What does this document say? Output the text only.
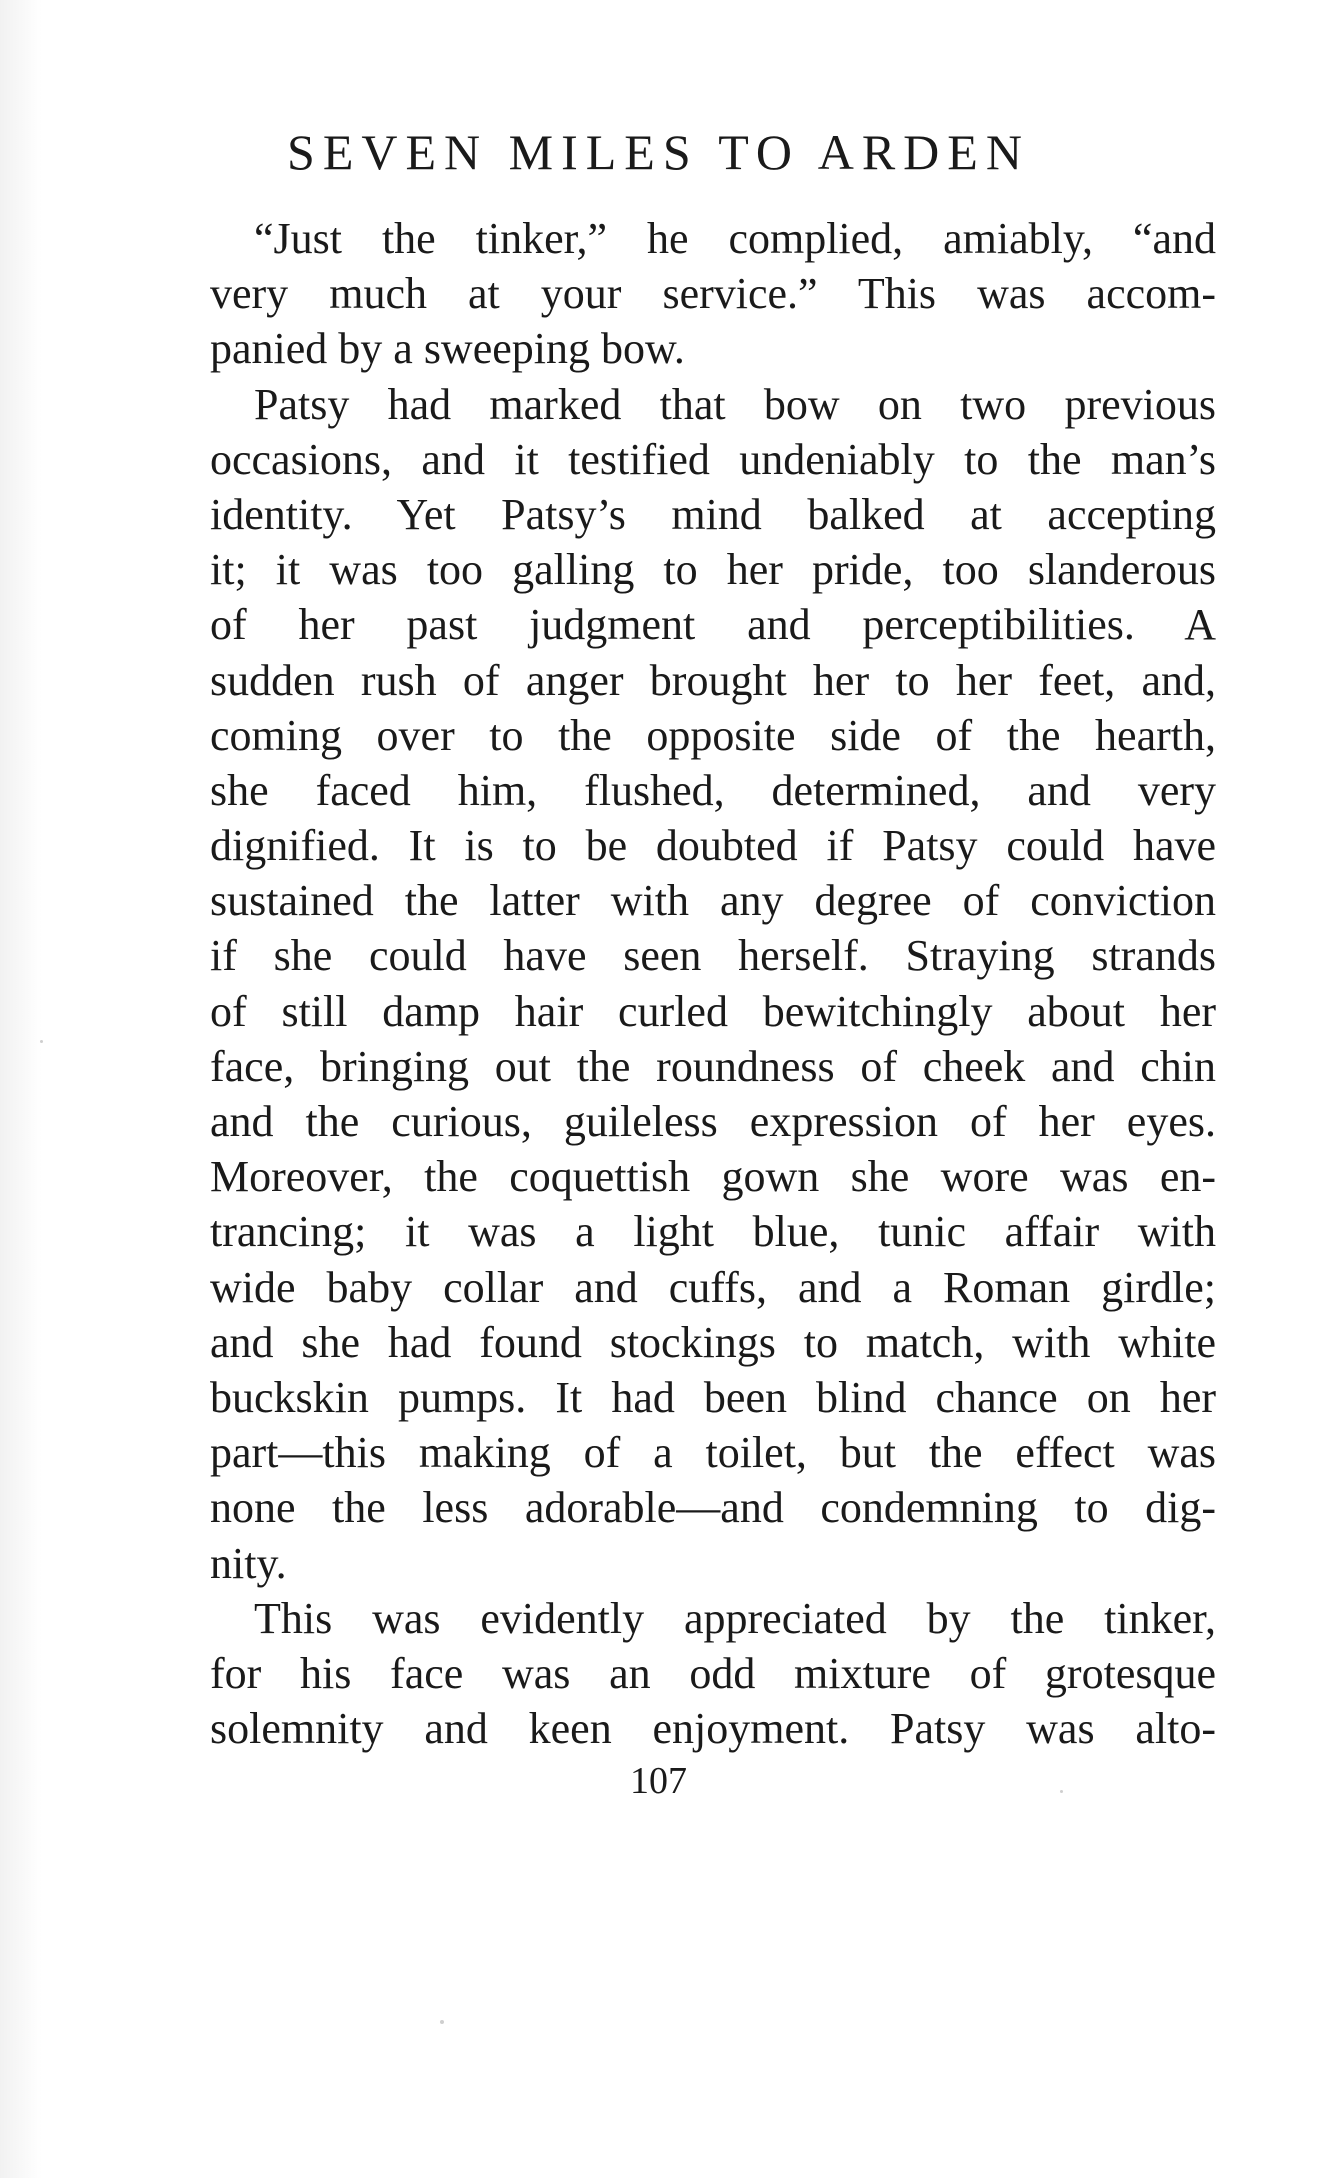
SEVEN MILES TO ARDEN
“Just the tinker,” he complied, amiably, “and
very much at your service.” This was accom-
panied by a sweeping bow.
Patsy had marked that bow on two previous
occasions, and it testified undeniably to the man’s
identity. Yet Patsy’s mind balked at accepting
it; it was too galling to her pride, too slanderous
of her past judgment and perceptibilities. A
sudden rush of anger brought her to her feet, and,
coming over to the opposite side of the hearth,
she faced him, flushed, determined, and very
dignified. It is to be doubted if Patsy could have
sustained the latter with any degree of conviction
if she could have seen herself. Straying strands
of still damp hair curled bewitchingly about her
face, bringing out the roundness of cheek and chin
and the curious, guileless expression of her eyes.
Moreover, the coquettish gown she wore was en-
trancing; it was a light blue, tunic affair with
wide baby collar and cuffs, and a Roman girdle;
and she had found stockings to match, with white
buckskin pumps. It had been blind chance on her
part—this making of a toilet, but the effect was
none the less adorable—and condemning to dig-
nity.
This was evidently appreciated by the tinker,
for his face was an odd mixture of grotesque
solemnity and keen enjoyment. Patsy was alto-
107
